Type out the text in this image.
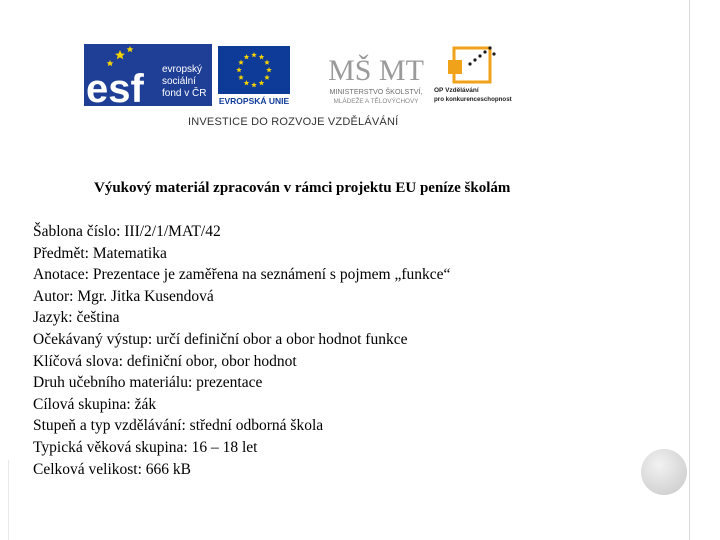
esf evropský
sociální
fond v ČR
EVROPSKÁ UNIE
MŠ MT
MINISTERSTVO ŠKOLSTVÍ,
MLÁDEŽE A TĚLOVÝCHOVY
OP Vzdělávání
pro konkurenceschopnost
INVESTICE DO ROZVOJE VZDĚLÁVÁNÍ
Výukový materiál zpracován v rámci projektu EU peníze školám
Šablona číslo: III/2/1/MAT/42
Předmět: Matematika
Anotace: Prezentace je zaměřena na seznámení s pojmem „funkce“
Autor: Mgr. Jitka Kusendová
Jazyk: čeština
Očekávaný výstup: určí definiční obor a obor hodnot funkce
Klíčová slova: definiční obor, obor hodnot
Druh učebního materiálu: prezentace
Cílová skupina: žák
Stupeň a typ vzdělávání: střední odborná škola
Typická věková skupina: 16 – 18 let
Celková velikost: 666 kB
